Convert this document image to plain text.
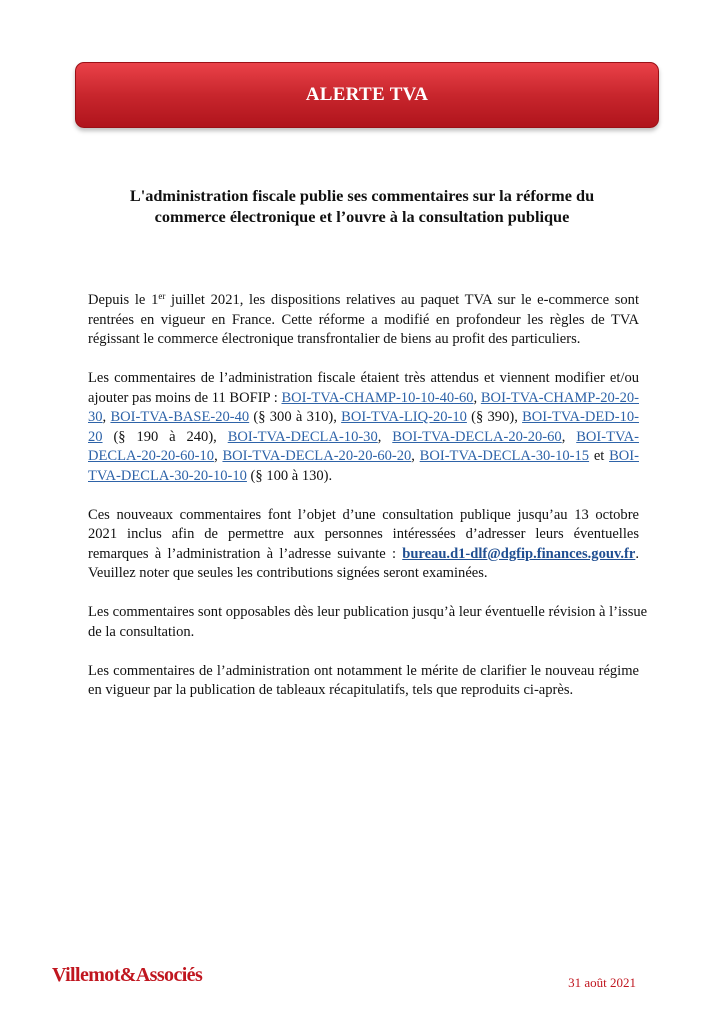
ALERTE TVA
L'administration fiscale publie ses commentaires sur la réforme du
commerce électronique et l’ouvre à la consultation publique

Depuis le 1er juillet 2021, les dispositions relatives au paquet TVA sur le e-commerce sont rentrées en vigueur en France. Cette réforme a modifié en profondeur les règles de TVA régissant le commerce électronique transfrontalier de biens au profit des particuliers.

Les commentaires de l’administration fiscale étaient très attendus et viennent modifier et/ou ajouter pas moins de 11 BOFIP : BOI-TVA-CHAMP-10-10-40-60, BOI-TVA-CHAMP-20-20-30, BOI-TVA-BASE-20-40 (§ 300 à 310), BOI-TVA-LIQ-20-10 (§ 390), BOI-TVA-DED-10-20 (§ 190 à 240), BOI-TVA-DECLA-10-30, BOI-TVA-DECLA-20-20-60, BOI-TVA-DECLA-20-20-60-10, BOI-TVA-DECLA-20-20-60-20, BOI-TVA-DECLA-30-10-15 et BOI-TVA-DECLA-30-20-10-10 (§ 100 à 130).

Ces nouveaux commentaires font l’objet d’une consultation publique jusqu’au 13 octobre 2021 inclus afin de permettre aux personnes intéressées d’adresser leurs éventuelles remarques à l’administration à l’adresse suivante : bureau.d1-dlf@dgfip.finances.gouv.fr. Veuillez noter que seules les contributions signées seront examinées.

Les commentaires sont opposables dès leur publication jusqu’à leur éventuelle révision à l’issue
de la consultation.

Les commentaires de l’administration ont notamment le mérite de clarifier le nouveau régime en vigueur par la publication de tableaux récapitulatifs, tels que reproduits ci-après.

Villemot&Associés	31 août 2021
